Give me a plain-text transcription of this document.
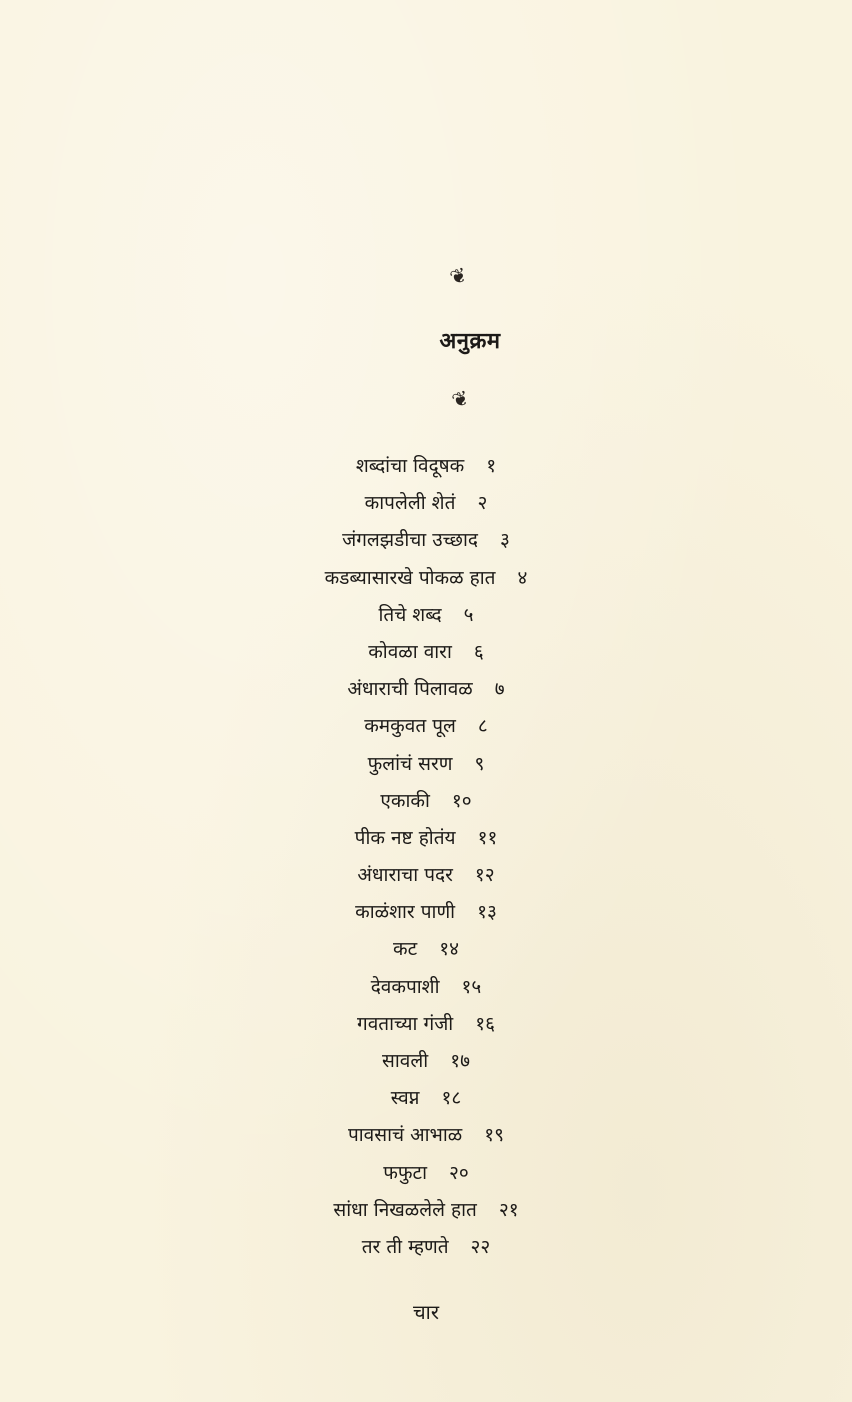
❦
अनुक्रम
❦
शब्दांचा विदूषक १
कापलेली शेतं २
जंगलझडीचा उच्छाद ३
कडब्यासारखे पोकळ हात ४
तिचे शब्द ५
कोवळा वारा ६
अंधाराची पिलावळ ७
कमकुवत पूल ८
फुलांचं सरण ९
एकाकी १०
पीक नष्ट होतंय ११
अंधाराचा पदर १२
काळंशार पाणी १३
कट १४
देवकपाशी १५
गवताच्या गंजी १६
सावली १७
स्वप्न १८
पावसाचं आभाळ १९
फफुटा २०
सांधा निखळलेले हात २१
तर ती म्हणते २२
चार
